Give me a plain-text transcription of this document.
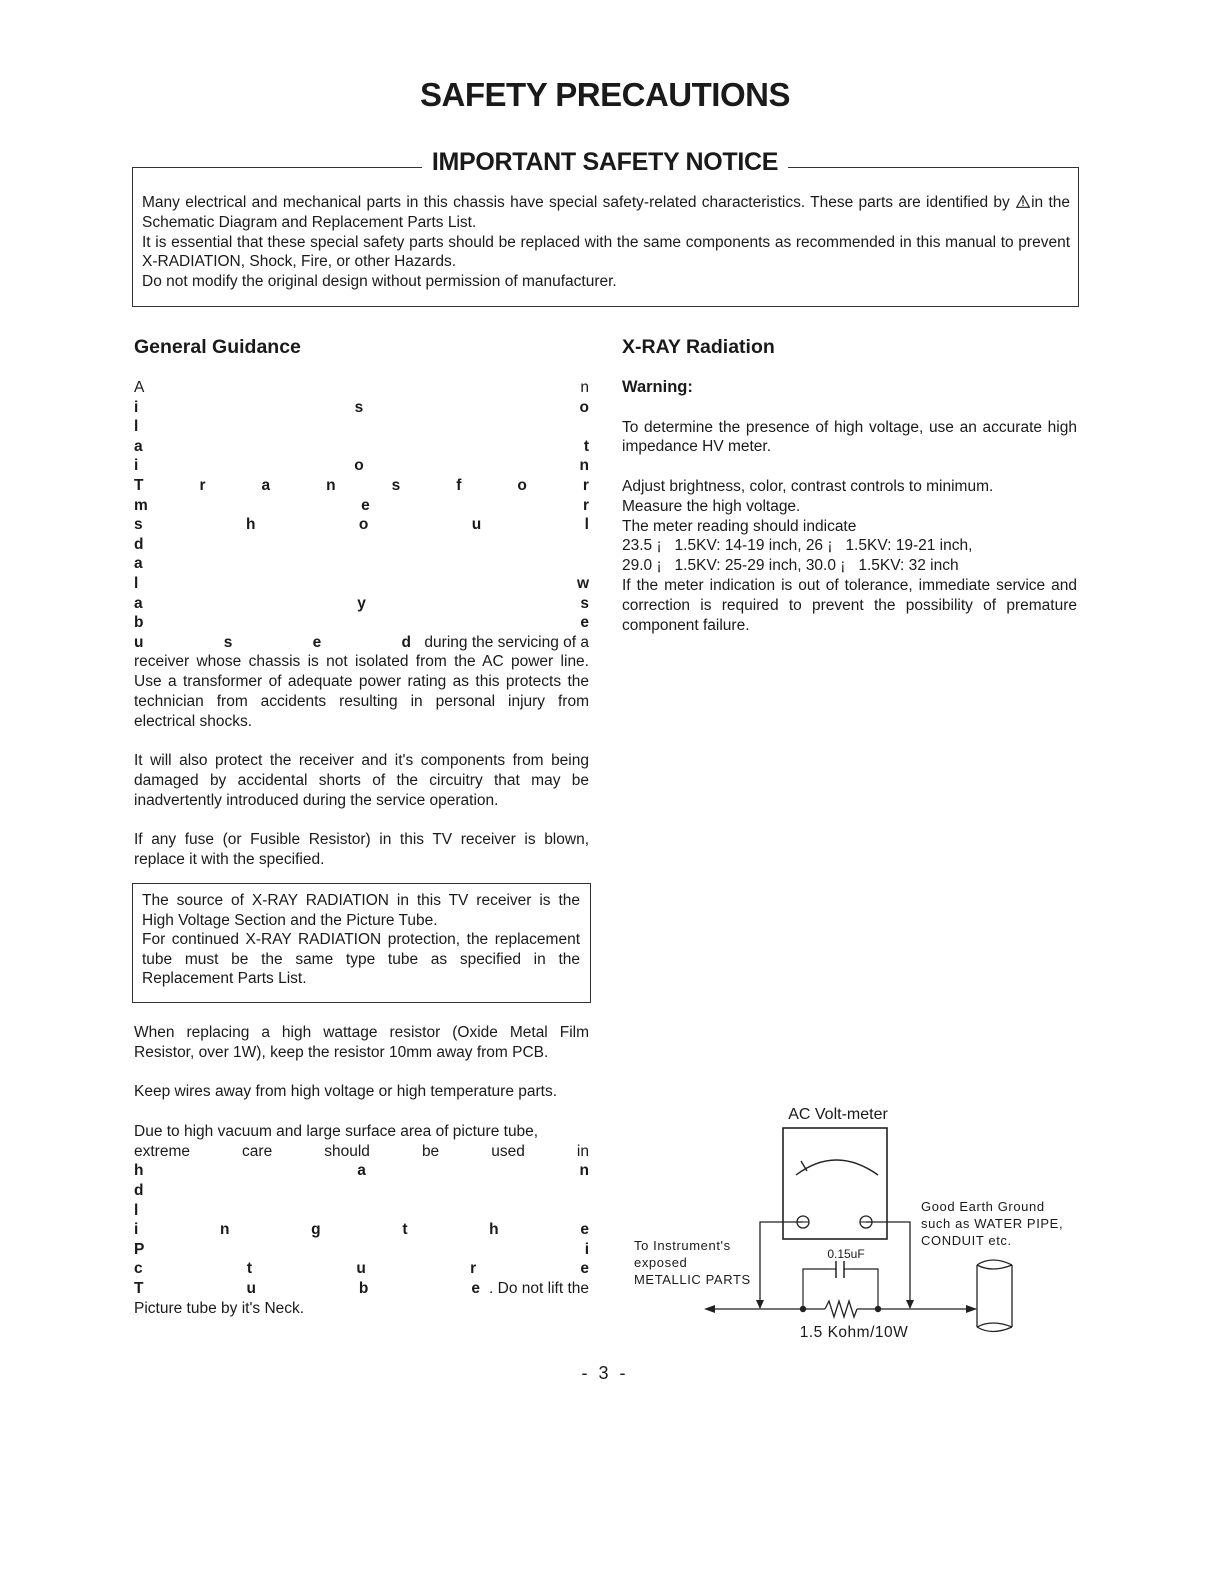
SAFETY PRECAUTIONS
IMPORTANT SAFETY NOTICE

Many electrical and mechanical parts in this chassis have special safety-related characteristics. These parts are identified by in the Schematic Diagram and Replacement Parts List.

It is essential that these special safety parts should be replaced with the same components as recommended in this manual to prevent X-RADIATION, Shock, Fire, or other Hazards.

Do not modify the original design without permission of manufacturer.

General Guidance
A	n
i	s	o
l
a	t
i	o	n
T	r	a	n	s	f	o	r
m	e	r
s	h	o	u	l
d
a
l	w
a	y	s
b	e
u	s	e	d during the servicing of a

receiver whose chassis is not isolated from the AC power line. Use a transformer of adequate power rating as this protects the technician from accidents resulting in personal injury from electrical shocks.

It will also protect the receiver and it's components from being damaged by accidental shorts of the circuitry that may be inadvertently introduced during the service operation.

If any fuse (or Fusible Resistor) in this TV receiver is blown, replace it with the specified.

The source of X-RAY RADIATION in this TV receiver is the High Voltage Section and the Picture Tube.

For continued X-RAY RADIATION protection, the replacement tube must be the same type tube as specified in the Replacement Parts List.

When replacing a high wattage resistor (Oxide Metal Film Resistor, over 1W), keep the resistor 10mm away from PCB.

Keep wires away from high voltage or high temperature parts.

Due to high vacuum and large surface area of picture tube,

extreme	care	should	be	used	in
h	a	n
d
l
i	n	g	t	h	e
P	i
c	t	u	r	e
T	u	b	e . Do not lift the

Picture tube by it's Neck.

X-RAY Radiation

Warning:

To determine the presence of high voltage, use an accurate high impedance HV meter.

Adjust brightness, color, contrast controls to minimum.
Measure the high voltage.
The meter reading should indicate
23.5 ¡   1.5KV: 14-19 inch, 26 ¡   1.5KV: 19-21 inch,
29.0 ¡   1.5KV: 25-29 inch, 30.0 ¡   1.5KV: 32 inch

If the meter indication is out of tolerance, immediate service and correction is required to prevent the possibility of premature component failure.

AC Volt-meter
0.15uF
1.5 Kohm/10W
To Instrument's
exposed
METALLIC PARTS
Good Earth Ground
such as WATER PIPE,
CONDUIT etc.
- 3 -
